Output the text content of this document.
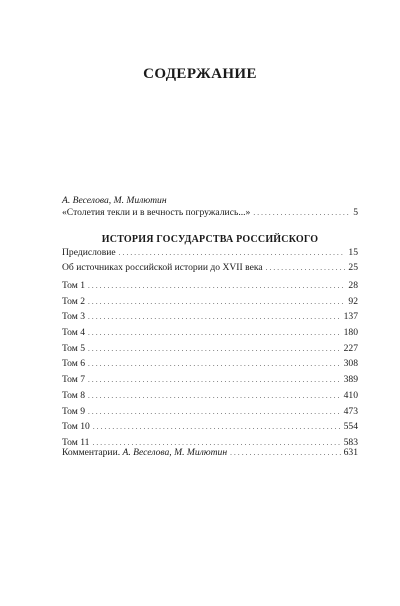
СОДЕРЖАНИЕ
А. Веселова, М. Милютин
«Столетия текли и в вечность погружались...» . . .	5
ИСТОРИЯ ГОСУДАРСТВА РОССИЙСКОГО
Предисловие . . .	15
Об источниках российской истории до XVII века . . .	25
Том 1 . . .	28
Том 2 . . .	92
Том 3 . . .	137
Том 4 . . .	180
Том 5 . . .	227
Том 6 . . .	308
Том 7 . . .	389
Том 8 . . .	410
Том 9 . . .	473
Том 10 . . .	554
Том 11 . . .	583
Комментарии. А. Веселова, М. Милютин . . .	631
